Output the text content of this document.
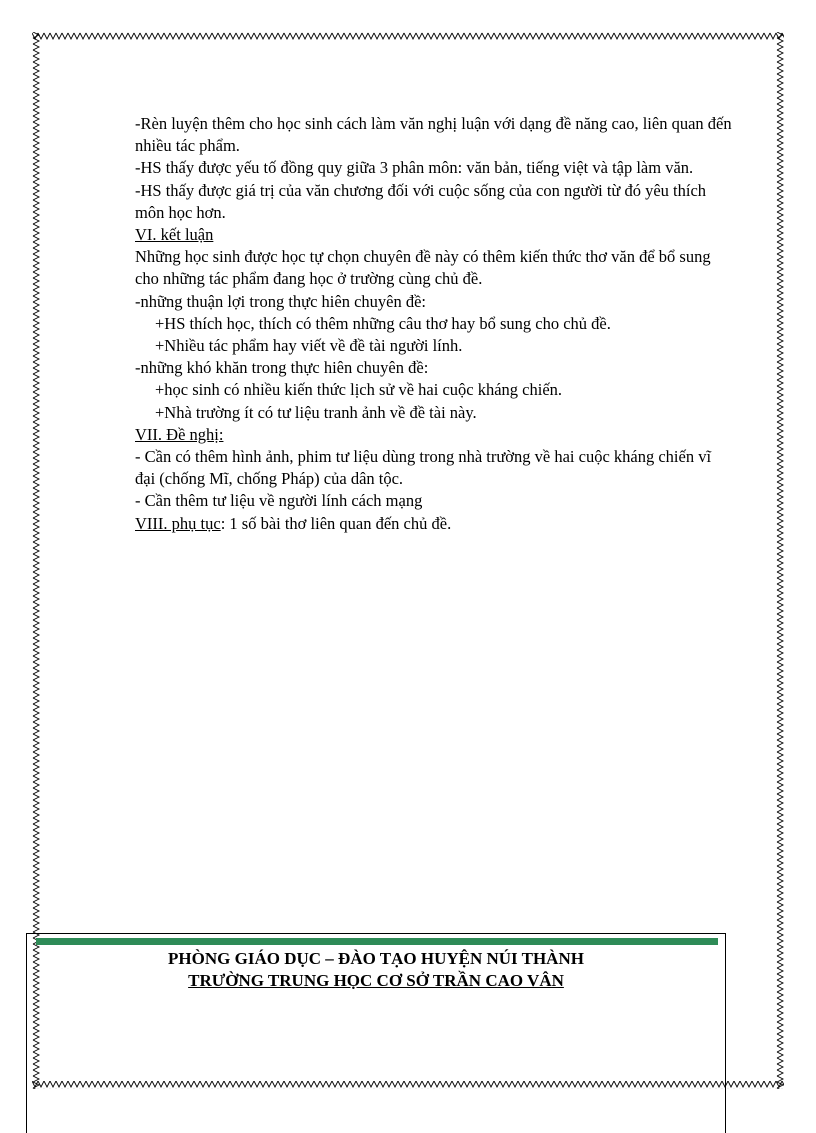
-Rèn luyện thêm cho học sinh cách làm văn nghị luận với dạng đề năng cao, liên quan đến nhiều tác phẩm.

-HS thấy được yếu tố đồng quy giữa 3 phân môn: văn bản, tiếng việt và tập làm văn.

-HS thấy được giá trị của văn chương đối với cuộc sống của con người từ đó yêu thích môn học hơn.

VI. kết luận

Những học sinh được học tự chọn chuyên đề này có thêm kiến thức thơ văn để bổ sung cho những tác phẩm đang học ở trường cùng chủ đề.

-những thuận lợi trong thực hiên chuyên đề:

+HS thích học, thích có thêm những câu thơ hay bổ sung cho chủ đề.

+Nhiều tác phẩm hay viết về đề tài người lính.

-những khó khăn trong thực hiên chuyên đề:

+học sinh có nhiều kiến thức lịch sử về hai cuộc kháng chiến.

+Nhà trường ít có tư liệu tranh ảnh về đề tài này.

VII. Đề nghị:

- Cần có thêm hình ảnh, phim tư liệu dùng trong nhà trường về hai cuộc kháng chiến vĩ đại (chống Mĩ, chống Pháp) của dân tộc.

- Cần thêm tư liệu về người lính cách mạng

VIII. phụ tục: 1 số bài thơ liên quan đến chủ đề.

PHÒNG GIÁO DỤC – ĐÀO TẠO HUYỆN NÚI THÀNH
TRƯỜNG TRUNG HỌC CƠ SỞ TRẦN CAO VÂN
